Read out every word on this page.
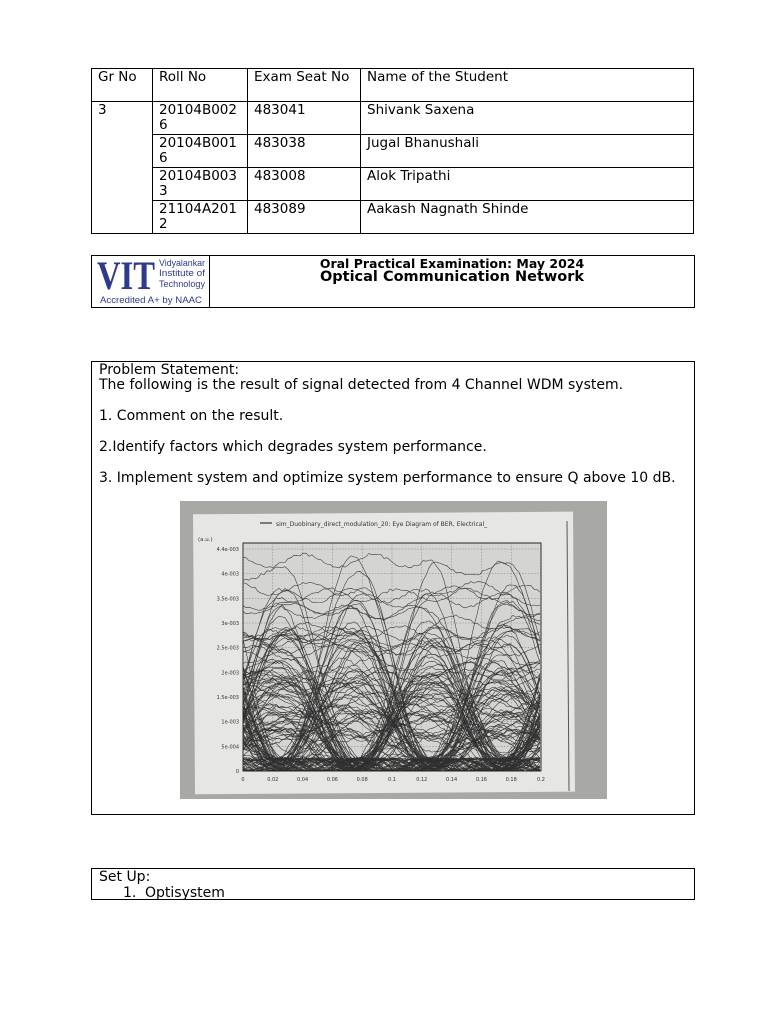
Gr No	Roll No	Exam Seat No	Name of the Student
3	20104B0026	483041	Shivank Saxena
	20104B0016	483038	Jugal Bhanushali
	20104B0033	483008	Alok Tripathi
	21104A2012	483089	Aakash Nagnath Shinde
VIT Vidyalankar
Institute of
Technology
Accredited A+ by NAAC
Oral Practical Examination: May 2024
Optical Communication Network

Problem Statement:

The following is the result of signal detected from 4 Channel WDM system.

1. Comment on the result.

2.Identify factors which degrades system performance.

3. Implement system and optimize system performance to ensure Q above 10 dB.

sim_Duobinary_direct_modulation_20: Eye Diagram of BER, Electrical_
(a.u.)
4.4e-003
4e-003
3.5e-003
3e-003
2.5e-003
2e-003
1.5e-003
1e-003
5e-004
0
0	0.02	0.04	0.06	0.08	0.1	0.12	0.14	0.16	0.18	0.2
Set Up:
1. Optisystem
